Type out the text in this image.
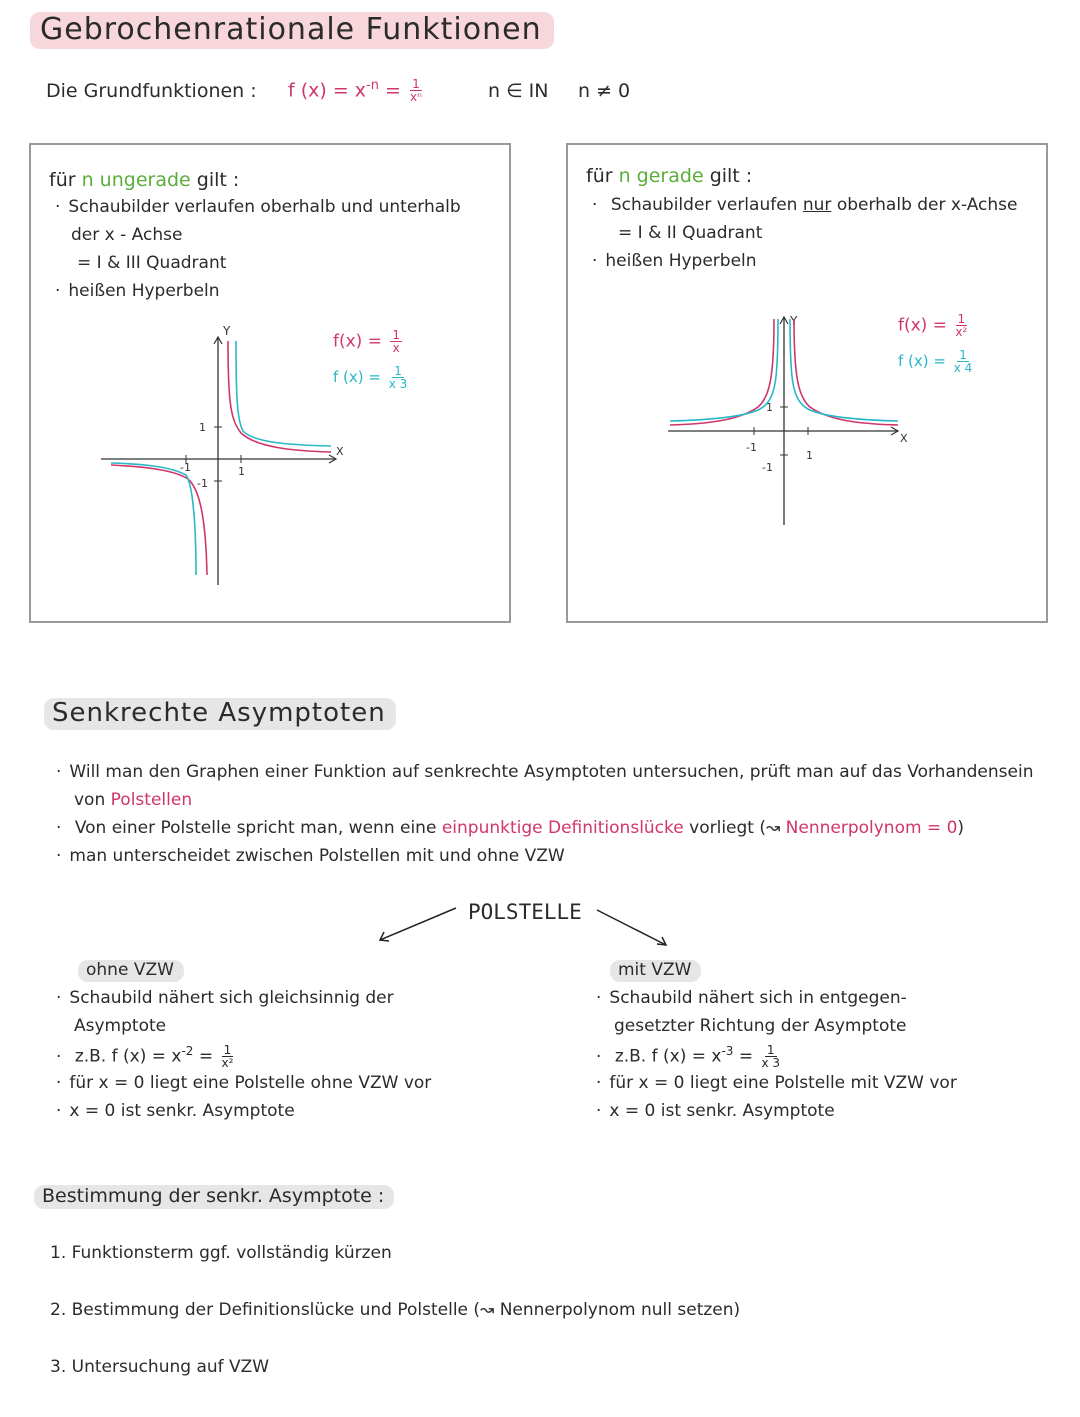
Gebrochenrationale Funktionen
Die Grundfunktionen : f $(x) = x^{-n} = \frac{1}{\text{xⁿ}}$	n ∈ IN n ≠ 0
für n ungerade gilt :
· Schaubilder verlaufen oberhalb und unterhalb
der x - Achse
= I & III Quadrant
· heißen Hyperbeln
$f(x) = \frac{1}{x}$
f $(x) = \frac{1}{x 3}$
Y
X
1
1
-1
-1
für n gerade gilt :
· Schaubilder verlaufen nur oberhalb der x-Achse
= I & II Quadrant
· heißen Hyperbeln
$f(x) = \frac{1}{\text{x²}}$
f $(x) = \frac{1}{x 4}$
Y
X
1
1
-1
-1
Senkrechte Asymptoten
· Will man den Graphen einer Funktion auf senkrechte Asymptoten untersuchen, prüft man auf das Vorhandensein
von Polstellen
· Von einer Polstelle spricht man, wenn eine einpunktige Definitionslücke vorliegt (↝ Nennerpolynom = 0)
· man unterscheidet zwischen Polstellen mit und ohne VZW
POLSTELLE
ohne VZW
· Schaubild nähert sich gleichsinnig der
Asymptote
· z.B. f $(x) = x^{-2} = \frac{1}{\text{x²}}$
· für x = 0 liegt eine Polstelle ohne VZW vor
· x = 0 ist senkr. Asymptote
mit VZW
· Schaubild nähert sich in entgegen-
gesetzter Richtung der Asymptote
· z.B. f $(x) = x^{-3} = \frac{1}{x 3}$
· für x = 0 liegt eine Polstelle mit VZW vor
· x = 0 ist senkr. Asymptote
Bestimmung der senkr. Asymptote :
1. Funktionsterm ggf. vollständig kürzen
2. Bestimmung der Definitionslücke und Polstelle (↝ Nennerpolynom null setzen)
3. Untersuchung auf VZW
